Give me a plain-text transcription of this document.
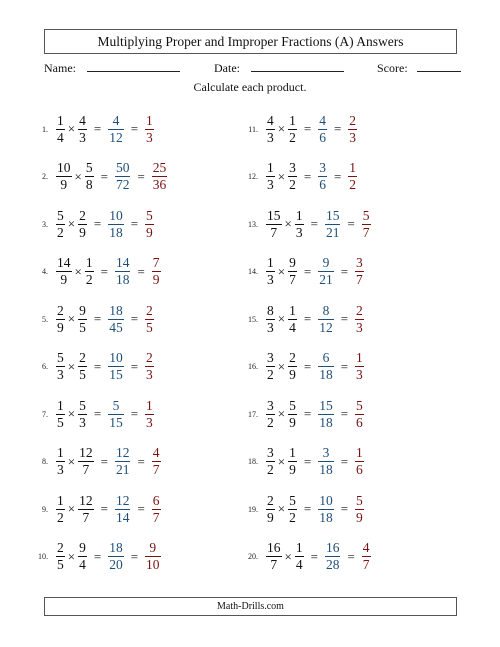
Multiplying Proper and Improper Fractions (A) Answers
Name:	Date:	Score:
Calculate each product.
1. $\frac{1}{4} \times \frac{4}{3} = \frac{4}{12} = \frac{1}{3}$
2. $\frac{10}{9} \times \frac{5}{8} = \frac{50}{72} = \frac{25}{36}$
3. $\frac{5}{2} \times \frac{2}{9} = \frac{10}{18} = \frac{5}{9}$
4. $\frac{14}{9} \times \frac{1}{2} = \frac{14}{18} = \frac{7}{9}$
5. $\frac{2}{9} \times \frac{9}{5} = \frac{18}{45} = \frac{2}{5}$
6. $\frac{5}{3} \times \frac{2}{5} = \frac{10}{15} = \frac{2}{3}$
7. $\frac{1}{5} \times \frac{5}{3} = \frac{5}{15} = \frac{1}{3}$
8. $\frac{1}{3} \times \frac{12}{7} = \frac{12}{21} = \frac{4}{7}$
9. $\frac{1}{2} \times \frac{12}{7} = \frac{12}{14} = \frac{6}{7}$
10. $\frac{2}{5} \times \frac{9}{4} = \frac{18}{20} = \frac{9}{10}$
11. $\frac{4}{3} \times \frac{1}{2} = \frac{4}{6} = \frac{2}{3}$
12. $\frac{1}{3} \times \frac{3}{2} = \frac{3}{6} = \frac{1}{2}$
13. $\frac{15}{7} \times \frac{1}{3} = \frac{15}{21} = \frac{5}{7}$
14. $\frac{1}{3} \times \frac{9}{7} = \frac{9}{21} = \frac{3}{7}$
15. $\frac{8}{3} \times \frac{1}{4} = \frac{8}{12} = \frac{2}{3}$
16. $\frac{3}{2} \times \frac{2}{9} = \frac{6}{18} = \frac{1}{3}$
17. $\frac{3}{2} \times \frac{5}{9} = \frac{15}{18} = \frac{5}{6}$
18. $\frac{3}{2} \times \frac{1}{9} = \frac{3}{18} = \frac{1}{6}$
19. $\frac{2}{9} \times \frac{5}{2} = \frac{10}{18} = \frac{5}{9}$
20. $\frac{16}{7} \times \frac{1}{4} = \frac{16}{28} = \frac{4}{7}$
Math-Drills.com
